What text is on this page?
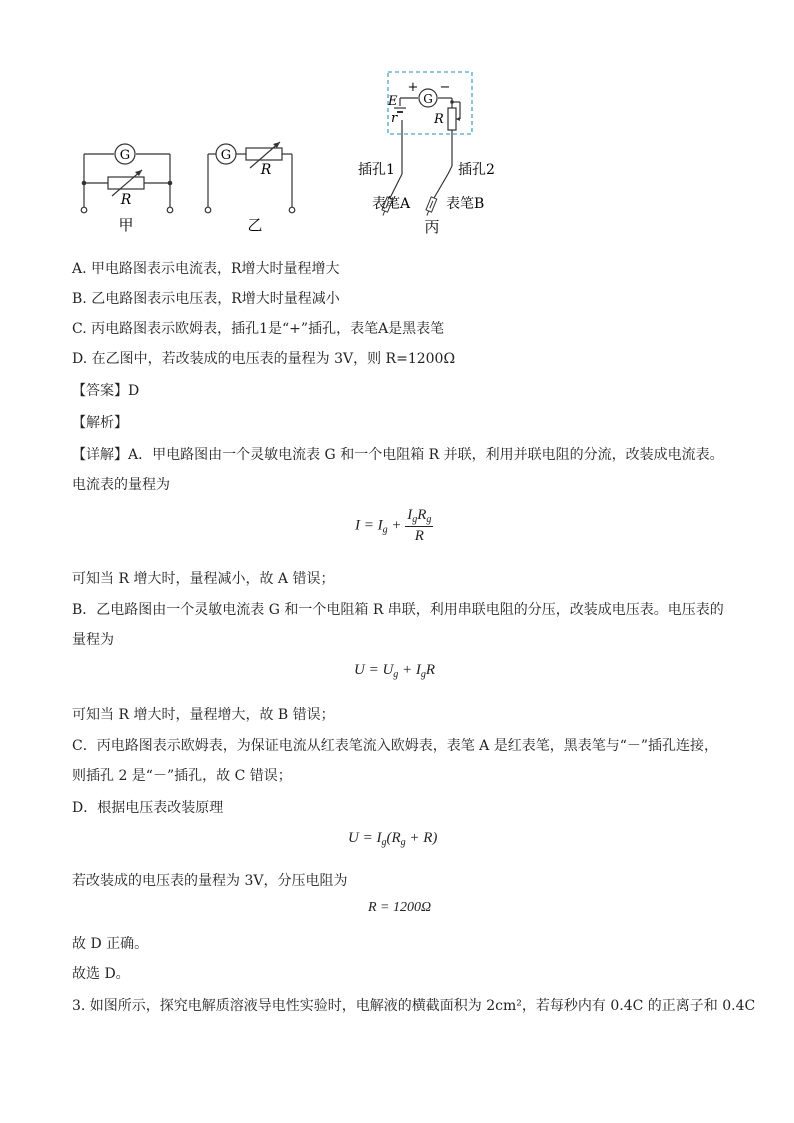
G
R
甲
G
R
乙
G
+ −
E
r	R
插孔1	插孔2
表笔A	表笔B
丙
A. 甲电路图表示电流表，R增大时量程增大
B. 乙电路图表示电压表，R增大时量程减小
C. 丙电路图表示欧姆表，插孔1是“+”插孔，表笔A是黑表笔
D. 在乙图中，若改装成的电压表的量程为 3V，则 R=1200Ω
【答案】D
【解析】
【详解】A．甲电路图由一个灵敏电流表 G 和一个电阻箱 R 并联，利用并联电阻的分流，改装成电流表。
电流表的量程为
$I = I_g + \frac{I_gR_g}{R}$
可知当 R 增大时，量程减小，故 A 错误；
B．乙电路图由一个灵敏电流表 G 和一个电阻箱 R 串联，利用串联电阻的分压，改装成电压表。电压表的
量程为
$U = U_g + I_gR$
可知当 R 增大时，量程增大，故 B 错误；
C．丙电路图表示欧姆表，为保证电流从红表笔流入欧姆表，表笔 A 是红表笔，黑表笔与“－”插孔连接，
则插孔 2 是“－”插孔，故 C 错误；
D．根据电压表改装原理
$U = I_g(R_g + R)$
若改装成的电压表的量程为 3V，分压电阻为
R = 1200Ω
故 D 正确。
故选 D。
3. 如图所示，探究电解质溶液导电性实验时，电解液的横截面积为 2cm²，若每秒内有 0.4C 的正离子和 0.4C
